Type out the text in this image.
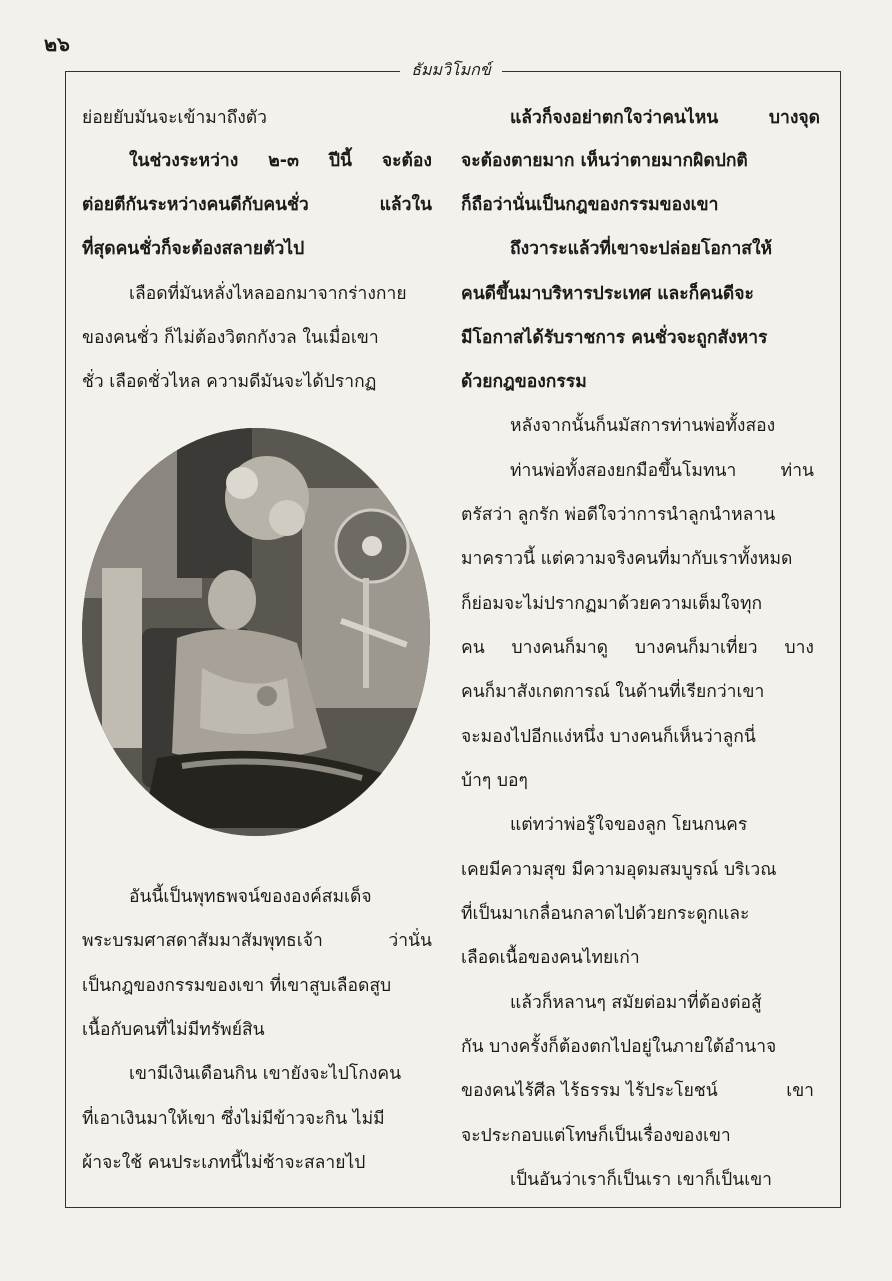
๒๖
ธัมมวิโมกข์
ย่อยยับมันจะเข้ามาถึงตัว
ในช่วงระหว่าง ๒-๓ ปีนี้ จะต้อง
ต่อยตีกันระหว่างคนดีกับคนชั่ว	แล้วใน
ที่สุดคนชั่วก็จะต้องสลายตัวไป
เลือดที่มันหลั่งไหลออกมาจากร่างกาย
ของคนชั่ว ก็ไม่ต้องวิตกกังวล ในเมื่อเขา
ชั่ว เลือดชั่วไหล ความดีมันจะได้ปรากฏ
อันนี้เป็นพุทธพจน์ขององค์สมเด็จ
พระบรมศาสดาสัมมาสัมพุทธเจ้า	ว่านั่น
เป็นกฎของกรรมของเขา ที่เขาสูบเลือดสูบ
เนื้อกับคนที่ไม่มีทรัพย์สิน
เขามีเงินเดือนกิน เขายังจะไปโกงคน
ที่เอาเงินมาให้เขา ซึ่งไม่มีข้าวจะกิน ไม่มี
ผ้าจะใช้ คนประเภทนี้ไม่ช้าจะสลายไป
แล้วก็จงอย่าตกใจว่าคนไหน	บางจุด
จะต้องตายมาก เห็นว่าตายมากผิดปกติ
ก็ถือว่านั่นเป็นกฎของกรรมของเขา
ถึงวาระแล้วที่เขาจะปล่อยโอกาสให้
คนดีขึ้นมาบริหารประเทศ และก็คนดีจะ
มีโอกาสได้รับราชการ คนชั่วจะถูกสังหาร
ด้วยกฎของกรรม
หลังจากนั้นก็นมัสการท่านพ่อทั้งสอง
ท่านพ่อทั้งสองยกมือขึ้นโมทนา	ท่าน
ตรัสว่า ลูกรัก พ่อดีใจว่าการนำลูกนำหลาน
มาคราวนี้ แต่ความจริงคนที่มากับเราทั้งหมด
ก็ย่อมจะไม่ปรากฏมาด้วยความเต็มใจทุก
คน บางคนก็มาดู บางคนก็มาเที่ยว บาง
คนก็มาสังเกตการณ์ ในด้านที่เรียกว่าเขา
จะมองไปอีกแง่หนึ่ง บางคนก็เห็นว่าลูกนี่
บ้าๆ บอๆ
แต่ทว่าพ่อรู้ใจของลูก โยนกนคร
เคยมีความสุข มีความอุดมสมบูรณ์ บริเวณ
ที่เป็นมาเกลื่อนกลาดไปด้วยกระดูกและ
เลือดเนื้อของคนไทยเก่า
แล้วก็หลานๆ สมัยต่อมาที่ต้องต่อสู้
กัน บางครั้งก็ต้องตกไปอยู่ในภายใต้อำนาจ
ของคนไร้ศีล ไร้ธรรม ไร้ประโยชน์	เขา
จะประกอบแต่โทษก็เป็นเรื่องของเขา
เป็นอันว่าเราก็เป็นเรา เขาก็เป็นเขา
